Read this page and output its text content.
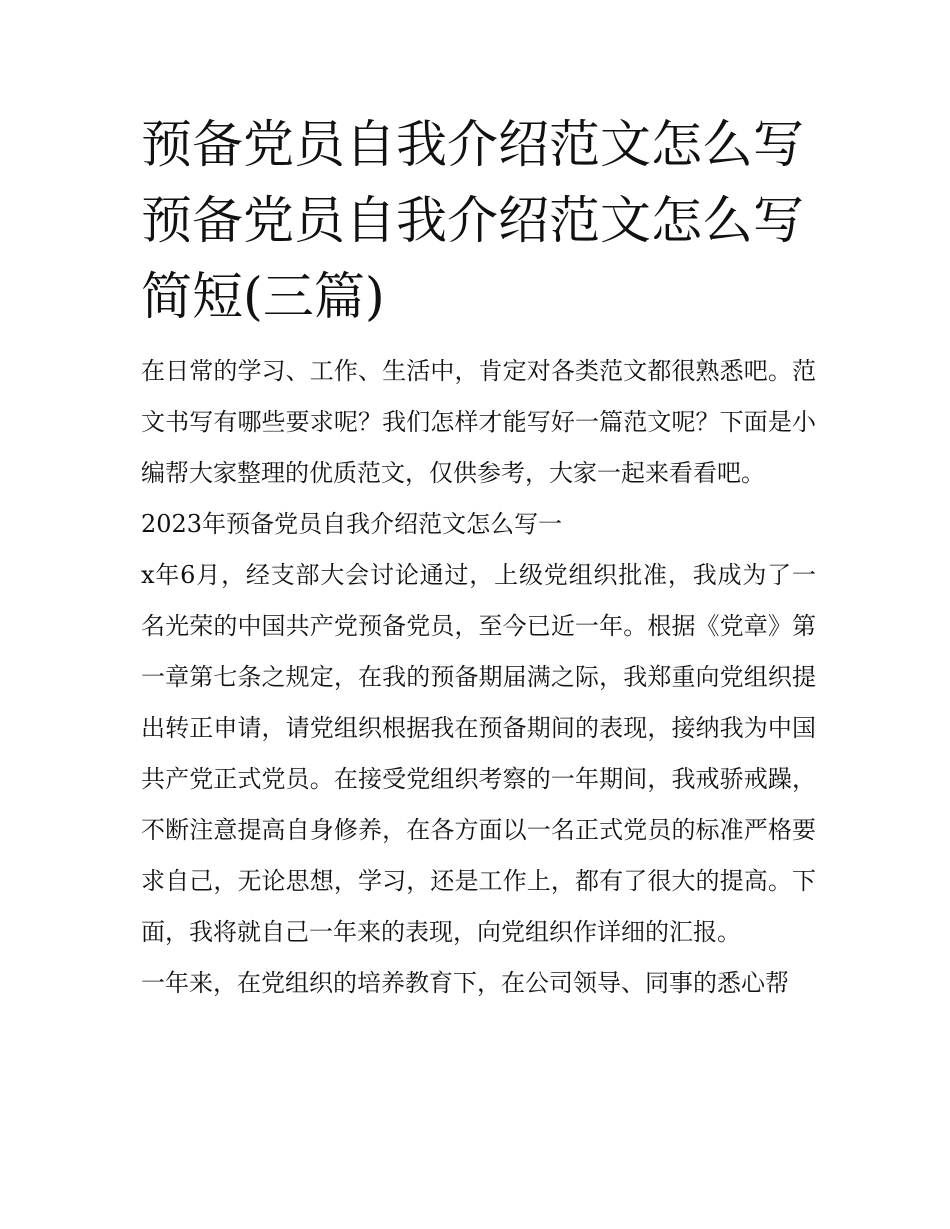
预备党员自我介绍范文怎么写预备党员自我介绍范文怎么写简短(三篇)

在日常的学习、工作、生活中，肯定对各类范文都很熟悉吧。范文书写有哪些要求呢？我们怎样才能写好一篇范文呢？下面是小编帮大家整理的优质范文，仅供参考，大家一起来看看吧。

2023年预备党员自我介绍范文怎么写一

x年6月，经支部大会讨论通过，上级党组织批准，我成为了一名光荣的中国共产党预备党员，至今已近一年。根据《党章》第一章第七条之规定，在我的预备期届满之际，我郑重向党组织提出转正申请，请党组织根据我在预备期间的表现，接纳我为中国共产党正式党员。在接受党组织考察的一年期间，我戒骄戒躁，不断注意提高自身修养，在各方面以一名正式党员的标准严格要求自己，无论思想，学习，还是工作上，都有了很大的提高。下面，我将就自己一年来的表现，向党组织作详细的汇报。

一年来，在党组织的培养教育下，在公司领导、同事的悉心帮
